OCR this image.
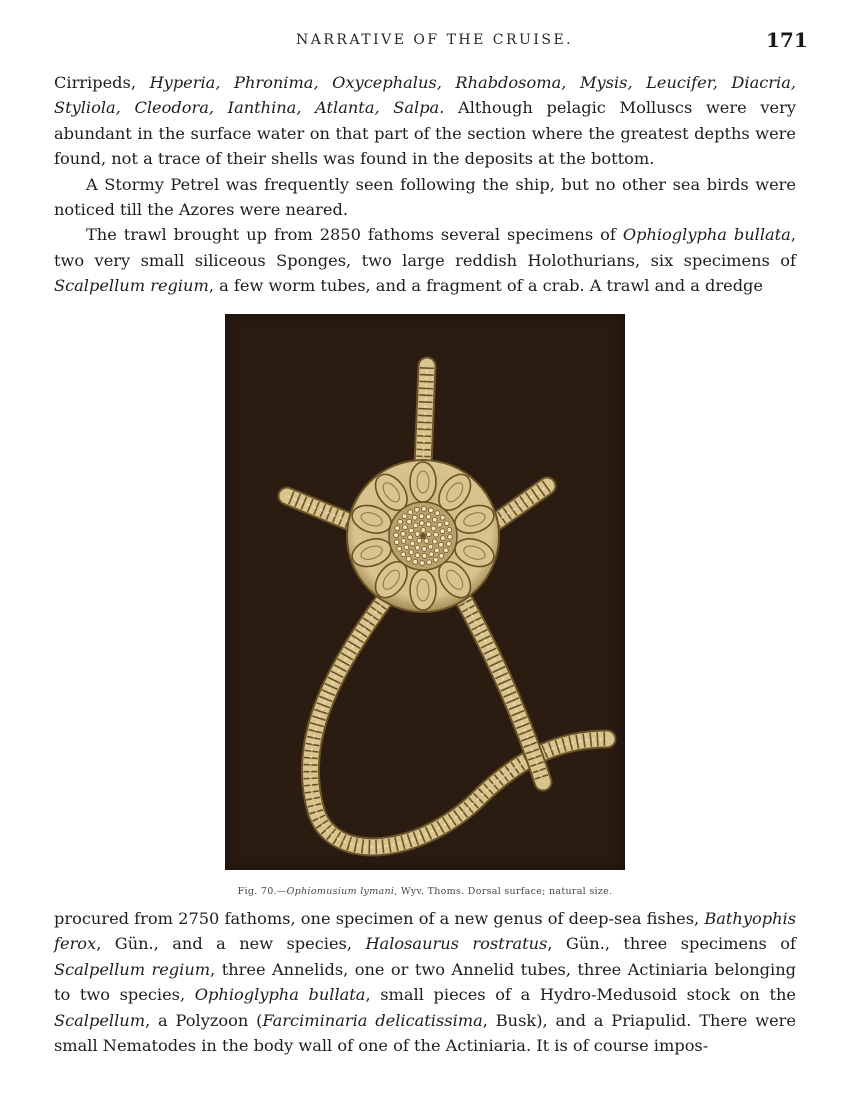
NARRATIVE OF THE CRUISE.	171

Cirripeds, Hyperia, Phronima, Oxycephalus, Rhabdosoma, Mysis, Leucifer, Diacria, Styliola, Cleodora, Ianthina, Atlanta, Salpa. Although pelagic Molluscs were very abundant in the surface water on that part of the section where the greatest depths were found, not a trace of their shells was found in the deposits at the bottom.

A Stormy Petrel was frequently seen following the ship, but no other sea birds were noticed till the Azores were neared.

The trawl brought up from 2850 fathoms several specimens of Ophioglypha bullata, two very small siliceous Sponges, two large reddish Holothurians, six specimens of Scalpellum regium, a few worm tubes, and a fragment of a crab. A trawl and a dredge

Fig. 70.—Ophiomusium lymani, Wyv. Thoms. Dorsal surface; natural size.

procured from 2750 fathoms, one specimen of a new genus of deep-sea fishes, Bathyophis ferox, Gün., and a new species, Halosaurus rostratus, Gün., three specimens of Scalpellum regium, three Annelids, one or two Annelid tubes, three Actiniaria belonging to two species, Ophioglypha bullata, small pieces of a Hydro-Medusoid stock on the Scalpellum, a Polyzoon (Farciminaria delicatissima, Busk), and a Priapulid. There were small Nematodes in the body wall of one of the Actiniaria. It is of course impos-
